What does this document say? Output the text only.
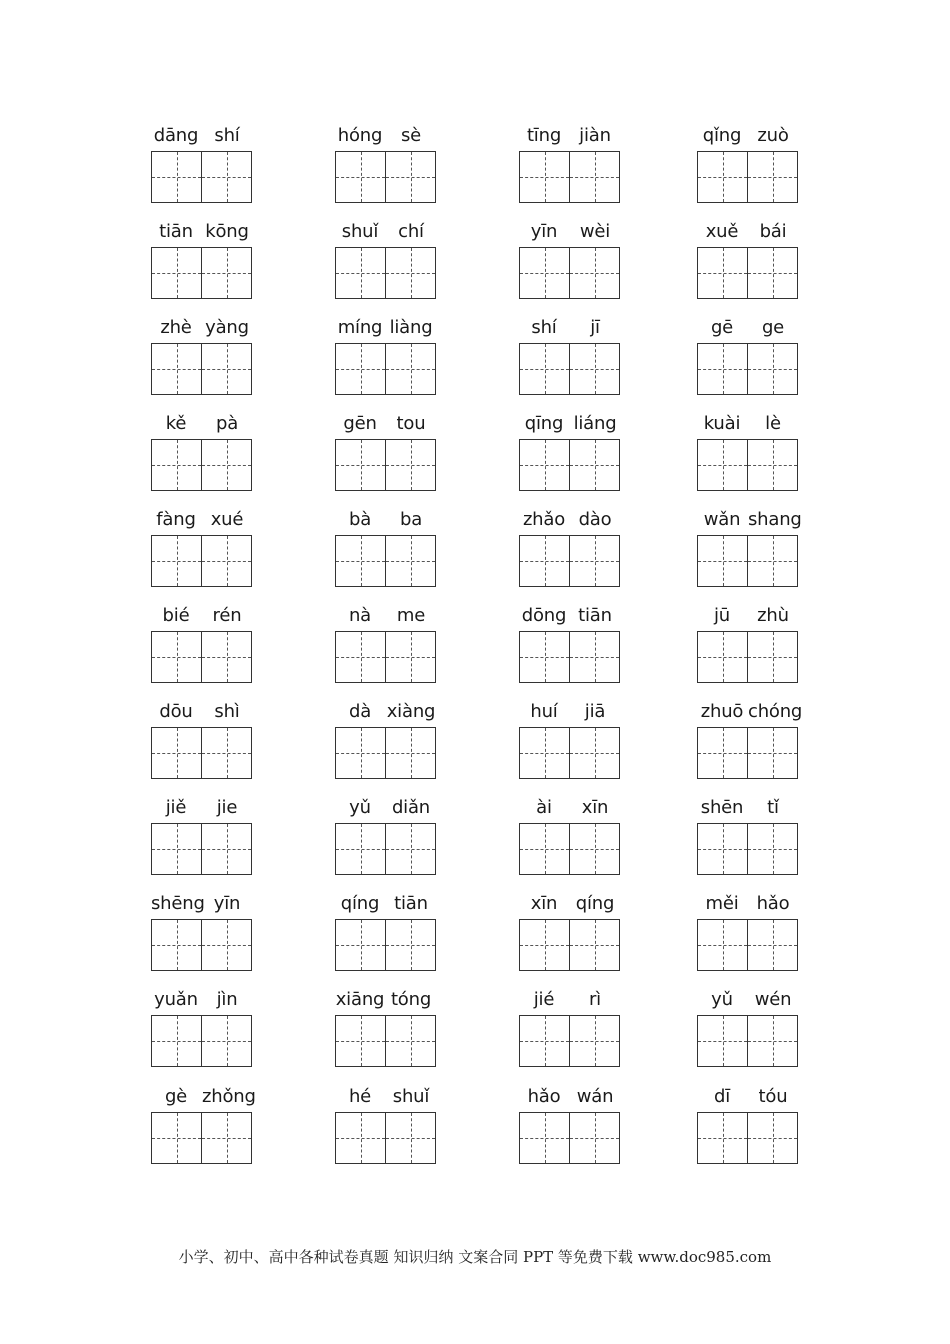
dāng shí	hóng	sè	tīng	jiàn	qǐng zuò
tiān kōng	shuǐ	chí	yīn	wèi	xuě	bái
zhè yàng	míng liàng	shí	jī	gē	ge
kě	pà	gēn	tou	qīng liáng	kuài	lè
fàng xué	bà	ba	zhǎo dào	wǎn shang
bié	rén	nà	me	dōng tiān	jū	zhù
dōu	shì	dà xiàng	huí	jiā	zhuō chóng
jiě	jie	yǔ	diǎn	ài	xīn	shēn	tǐ
shēng yīn	qíng tiān	xīn	qíng	měi	hǎo
yuǎn	jìn	xiāng tóng	jié	rì	yǔ	wén
gè zhǒng	hé	shuǐ	hǎo wán	dī	tóu
小学、初中、高中各种试卷真题 知识归纳 文案合同 PPT 等免费下载 www.doc985.com
